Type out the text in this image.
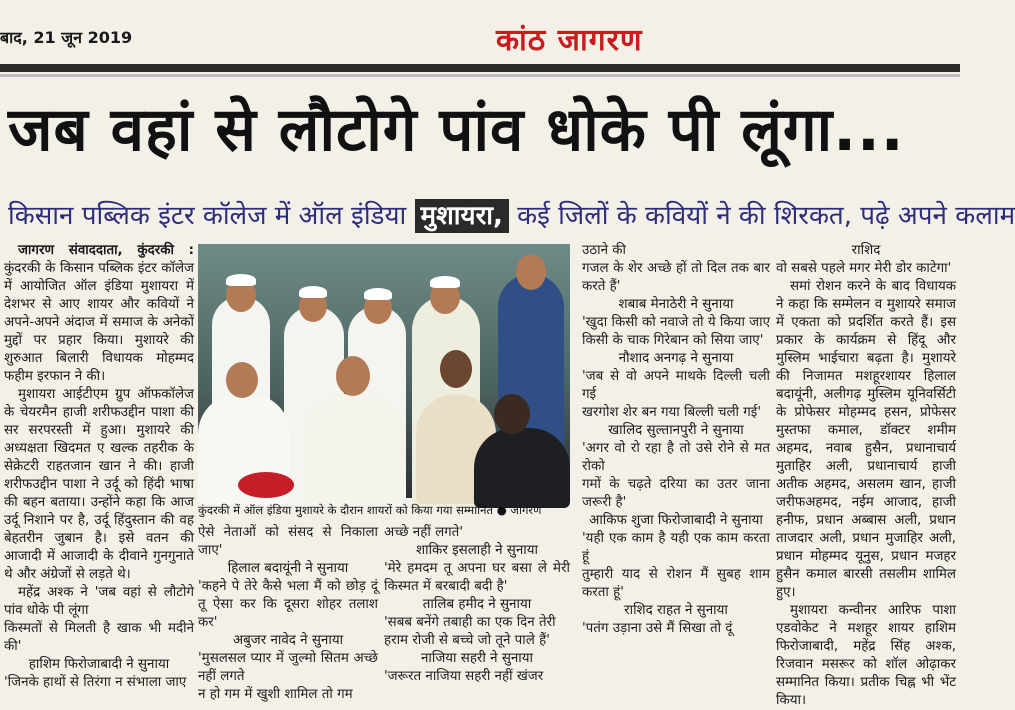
बाद, 21 जून 2019	कांठ जागरण
जब वहां से लौटोगे पांव धोके पी लूंगा...
किसान पब्लिक इंटर कॉलेज में ऑल इंडिया मुशायरा, कई जिलों के कवियों ने की शिरकत, पढ़े अपने कलाम

जागरण संवाददाता, कुंदरकी : कुंदरकी के किसान पब्लिक इंटर कॉलेज में आयोजित ऑल इंडिया मुशायरा में देशभर से आए शायर और कवियों ने अपने-अपने अंदाज में समाज के अनेकों मुद्दों पर प्रहार किया। मुशायरे की शुरुआत बिलारी विधायक मोहम्मद फहीम इरफान ने की।

मुशायरा आईटीएम ग्रुप ऑफकॉलेज के चेयरमैन हाजी शरीफउद्दीन पाशा की सर सरपरस्ती में हुआ। मुशायरे की अध्यक्षता खिदमत ए खल्क तहरीक के सेक्रेटरी राहतजान खान ने की। हाजी शरीफउद्दीन पाशा ने उर्दू को हिंदी भाषा की बहन बताया। उन्होंने कहा कि आज उर्दू निशाने पर है, उर्दू हिंदुस्तान की वह बेहतरीन जुबान है। इसे वतन की आजादी में आजादी के दीवाने गुनगुनाते थे और अंग्रेजों से लड़ते थे।

महेंद्र अश्क ने 'जब वहां से लौटोगे पांव धोके पी लूंगा

किस्मतों से मिलती है खाक भी मदीने की'

हाशिम फिरोजाबादी ने सुनाया

'जिनके हाथों से तिरंगा न संभाला जाए

कुंदरकी में ऑल इंडिया मुशायरे के दौरान शायरों को किया गया सम्मानित ● जागरण

ऐसे नेताओं को संसद से निकाला जाए'

हिलाल बदायूंनी ने सुनाया

'कहने पे तेरे कैसे भला मैं को छोड़ दूं तू ऐसा कर कि दूसरा शोहर तलाश कर'

अबुजर नावेद ने सुनाया

'मुसलसल प्यार में जुल्मो सितम अच्छे नहीं लगते

न हो गम में खुशी शामिल तो गम

अच्छे नहीं लगते'

शाकिर इसलाही ने सुनाया

'मेरे हमदम तू अपना घर बसा ले मेरी किस्मत में बरबादी बदी है'

तालिब हमीद ने सुनाया

'सबब बनेंगे तबाही का एक दिन तेरी

हराम रोजी से बच्चे जो तूने पाले हैं'

नाजिया सहरी ने सुनाया

'जरूरत नाजिया सहरी नहीं खंजर

उठाने की

गजल के शेर अच्छे हों तो दिल तक बार करते हैं'

शबाब मेनाठेरी ने सुनाया

'खुदा किसी को नवाजे तो ये किया जाए

किसी के चाक गिरेबान को सिया जाए'

नौशाद अनगढ़ ने सुनाया

'जब से वो अपने माथके दिल्ली चली गई

खरगोश शेर बन गया बिल्ली चली गई'

खालिद सुल्तानपुरी ने सुनाया

'अगर वो रो रहा है तो उसे रोने से मत रोको

गमों के चढ़ते दरिया का उतर जाना जरूरी है'

आकिफ शुजा फिरोजाबादी ने सुनाया

'यही एक काम है यही एक काम करता हूं

तुम्हारी याद से रोशन मैं सुबह शाम करता हूं'

राशिद राहत ने सुनाया

'पतंग उड़ाना उसे मैं सिखा तो दूं

राशिद

वो सबसे पहले मगर मेरी डोर काटेगा'

समां रोशन करने के बाद विधायक ने कहा कि सम्मेलन व मुशायरे समाज में एकता को प्रदर्शित करते हैं। इस प्रकार के कार्यक्रम से हिंदू और मुस्लिम भाईचारा बढ़ता है। मुशायरे की निजामत मशहूरशायर हिलाल बदायूंनी, अलीगढ़ मुस्लिम यूनिवर्सिटी के प्रोफेसर मोहम्मद हसन, प्रोफेसर मुस्तफा कमाल, डॉक्टर शमीम अहमद, नवाब हुसैन, प्रधानाचार्य मुताहिर अली, प्रधानाचार्य हाजी अतीक अहमद, असलम खान, हाजी जरीफअहमद, नईम आजाद, हाजी हनीफ, प्रधान अब्बास अली, प्रधान ताजदार अली, प्रधान मुजाहिर अली, प्रधान मोहम्मद यूनुस, प्रधान मजहर हुसैन कमाल बारसी तसलीम शामिल हुए।

मुशायरा कन्वीनर आरिफ पाशा एडवोकेट ने मशहूर शायर हाशिम फिरोजाबादी, महेंद्र सिंह अश्क, रिजवान मसरूर को शॉल ओढ़ाकर सम्मानित किया। प्रतीक चिह्न भी भेंट किया।
